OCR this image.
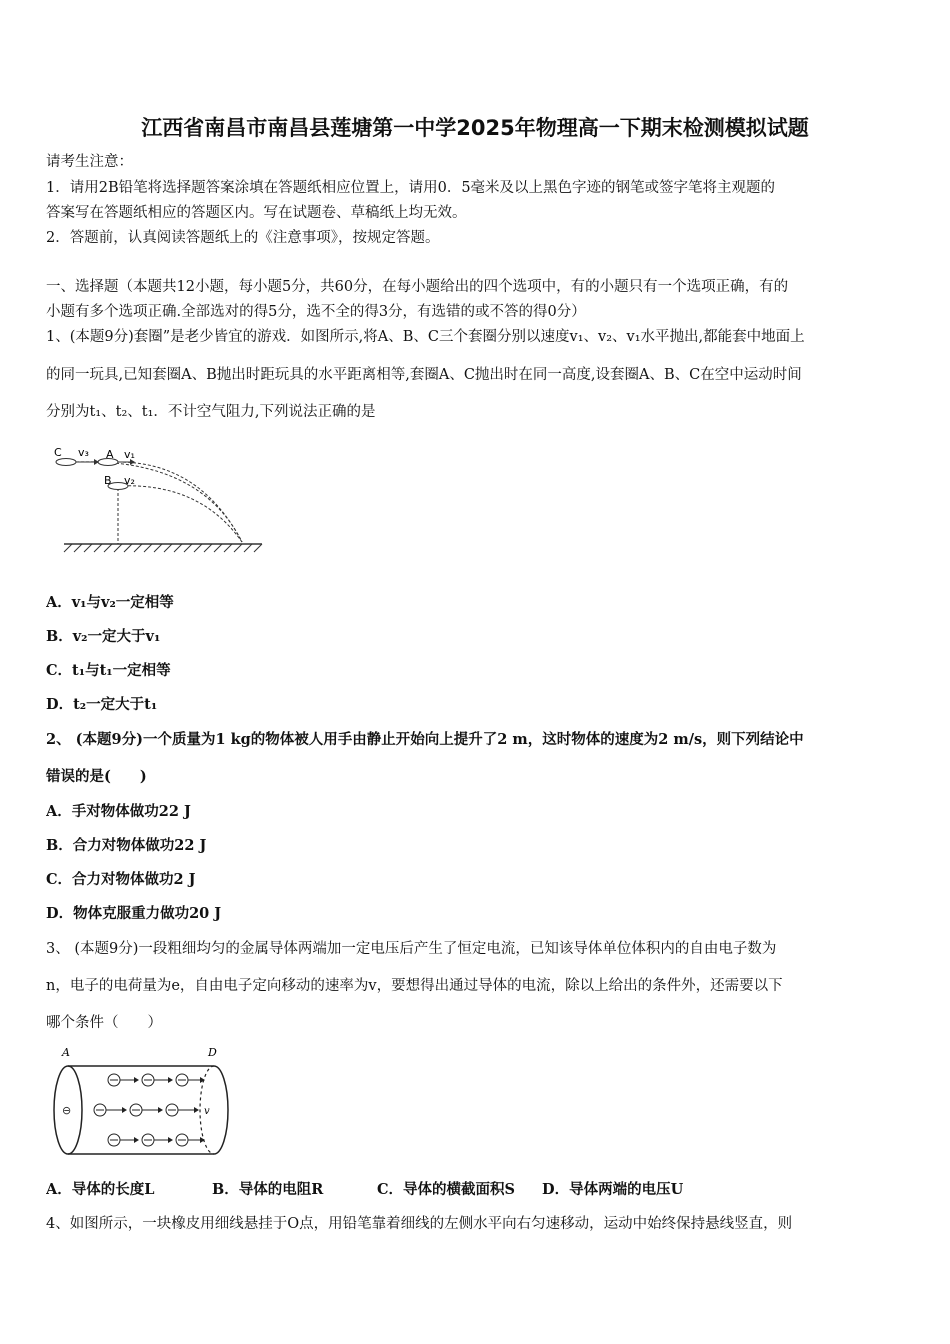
江西省南昌市南昌县莲塘第一中学2025年物理高一下期末检测模拟试题
请考生注意：
1．请用2B铅笔将选择题答案涂填在答题纸相应位置上，请用0．5毫米及以上黑色字迹的钢笔或签字笔将主观题的
答案写在答题纸相应的答题区内。写在试题卷、草稿纸上均无效。
2．答题前，认真阅读答题纸上的《注意事项》，按规定答题。
一、选择题（本题共12小题，每小题5分，共60分，在每小题给出的四个选项中，有的小题只有一个选项正确，有的
小题有多个选项正确.全部选对的得5分，选不全的得3分，有选错的或不答的得0分）
1、(本题9分)套圈”是老少皆宜的游戏．如图所示,将A、B、C三个套圈分别以速度v₁、v₂、v₁水平抛出,都能套中地面上
的同一玩具,已知套圈A、B抛出时距玩具的水平距离相等,套圈A、C抛出时在同一高度,设套圈A、B、C在空中运动时间
分别为t₁、t₂、t₁．不计空气阻力,下列说法正确的是
C v₃ A v₁
B v₂
A．v₁与v₂一定相等
B．v₂一定大于v₁
C．t₁与t₁一定相等
D．t₂一定大于t₁
2、 (本题9分)一个质量为1 kg的物体被人用手由静止开始向上提升了2 m，这时物体的速度为2 m/s，则下列结论中
错误的是(　　)
A．手对物体做功22 J
B．合力对物体做功22 J
C．合力对物体做功2 J
D．物体克服重力做功20 J
3、 (本题9分)一段粗细均匀的金属导体两端加一定电压后产生了恒定电流，已知该导体单位体积内的自由电子数为
n，电子的电荷量为e，自由电子定向移动的速率为v，要想得出通过导体的电流，除以上给出的条件外，还需要以下
哪个条件（　　）
⊖
A	D
v
A．导体的长度L	B．导体的电阻R	C．导体的横截面积S	D．导体两端的电压U
4、如图所示，一块橡皮用细线悬挂于O点，用铅笔靠着细线的左侧水平向右匀速移动，运动中始终保持悬线竖直，则
